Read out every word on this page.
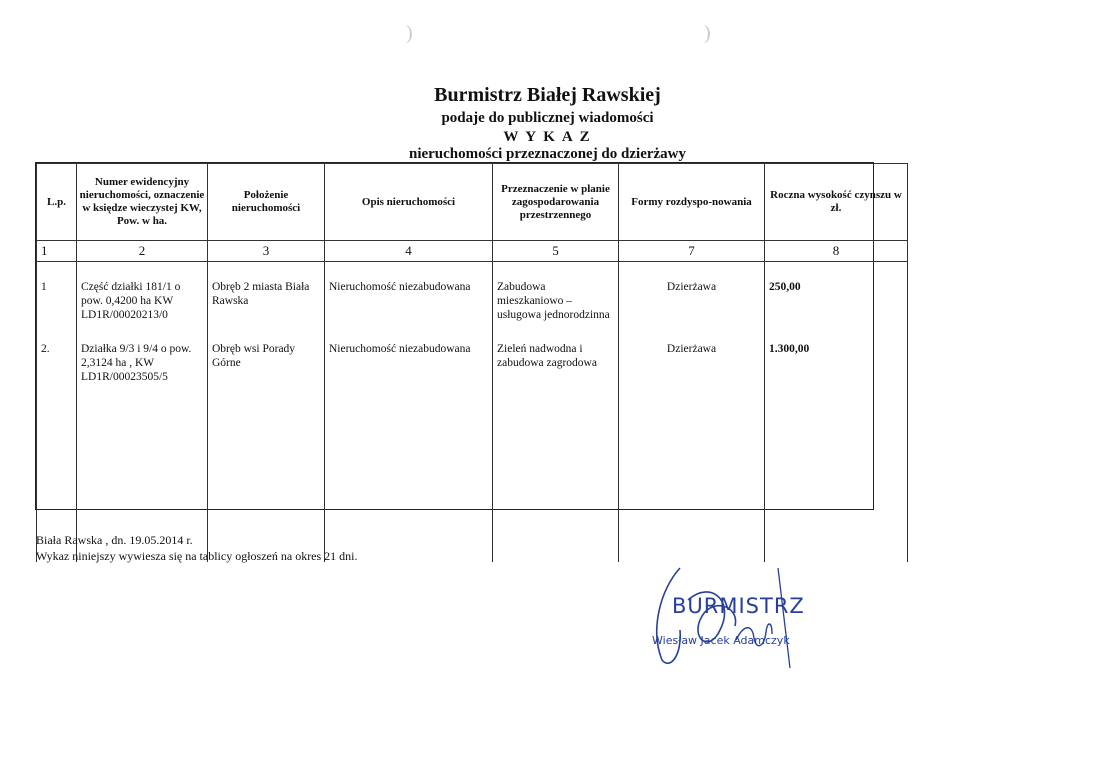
)	)
Burmistrz Białej Rawskiej
podaje do publicznej wiadomości
W Y K A Z
nieruchomości przeznaczonej do dzierżawy
L.p.	Numer ewidencyjny nieruchomości, oznaczenie w księdze wieczystej KW, Pow. w ha.	Położenie nieruchomości	Opis nieruchomości	Przeznaczenie w planie zagospodarowania przestrzennego	Formy rozdyspo-nowania	Roczna wysokość czynszu w zł.
1	2	3	4	5	7	8
1	Część działki 181/1 o pow. 0,4200 ha KW LD1R/00020213/0	Obręb 2 miasta Biała Rawska	Nieruchomość niezabudowana	Zabudowa mieszkaniowo – usługowa jednorodzinna	Dzierżawa	250,00
2.	Działka 9/3 i 9/4 o pow. 2,3124 ha , KW LD1R/00023505/5	Obręb wsi Porady Górne	Nieruchomość niezabudowana	Zieleń nadwodna i zabudowa zagrodowa	Dzierżawa	1.300,00

Biała Rawska , dn. 19.05.2014 r.
Wykaz niniejszy wywiesza się na tablicy ogłoszeń na okres 21 dni.
BURMISTRZ
Wiesław Jacek Adamczyk
